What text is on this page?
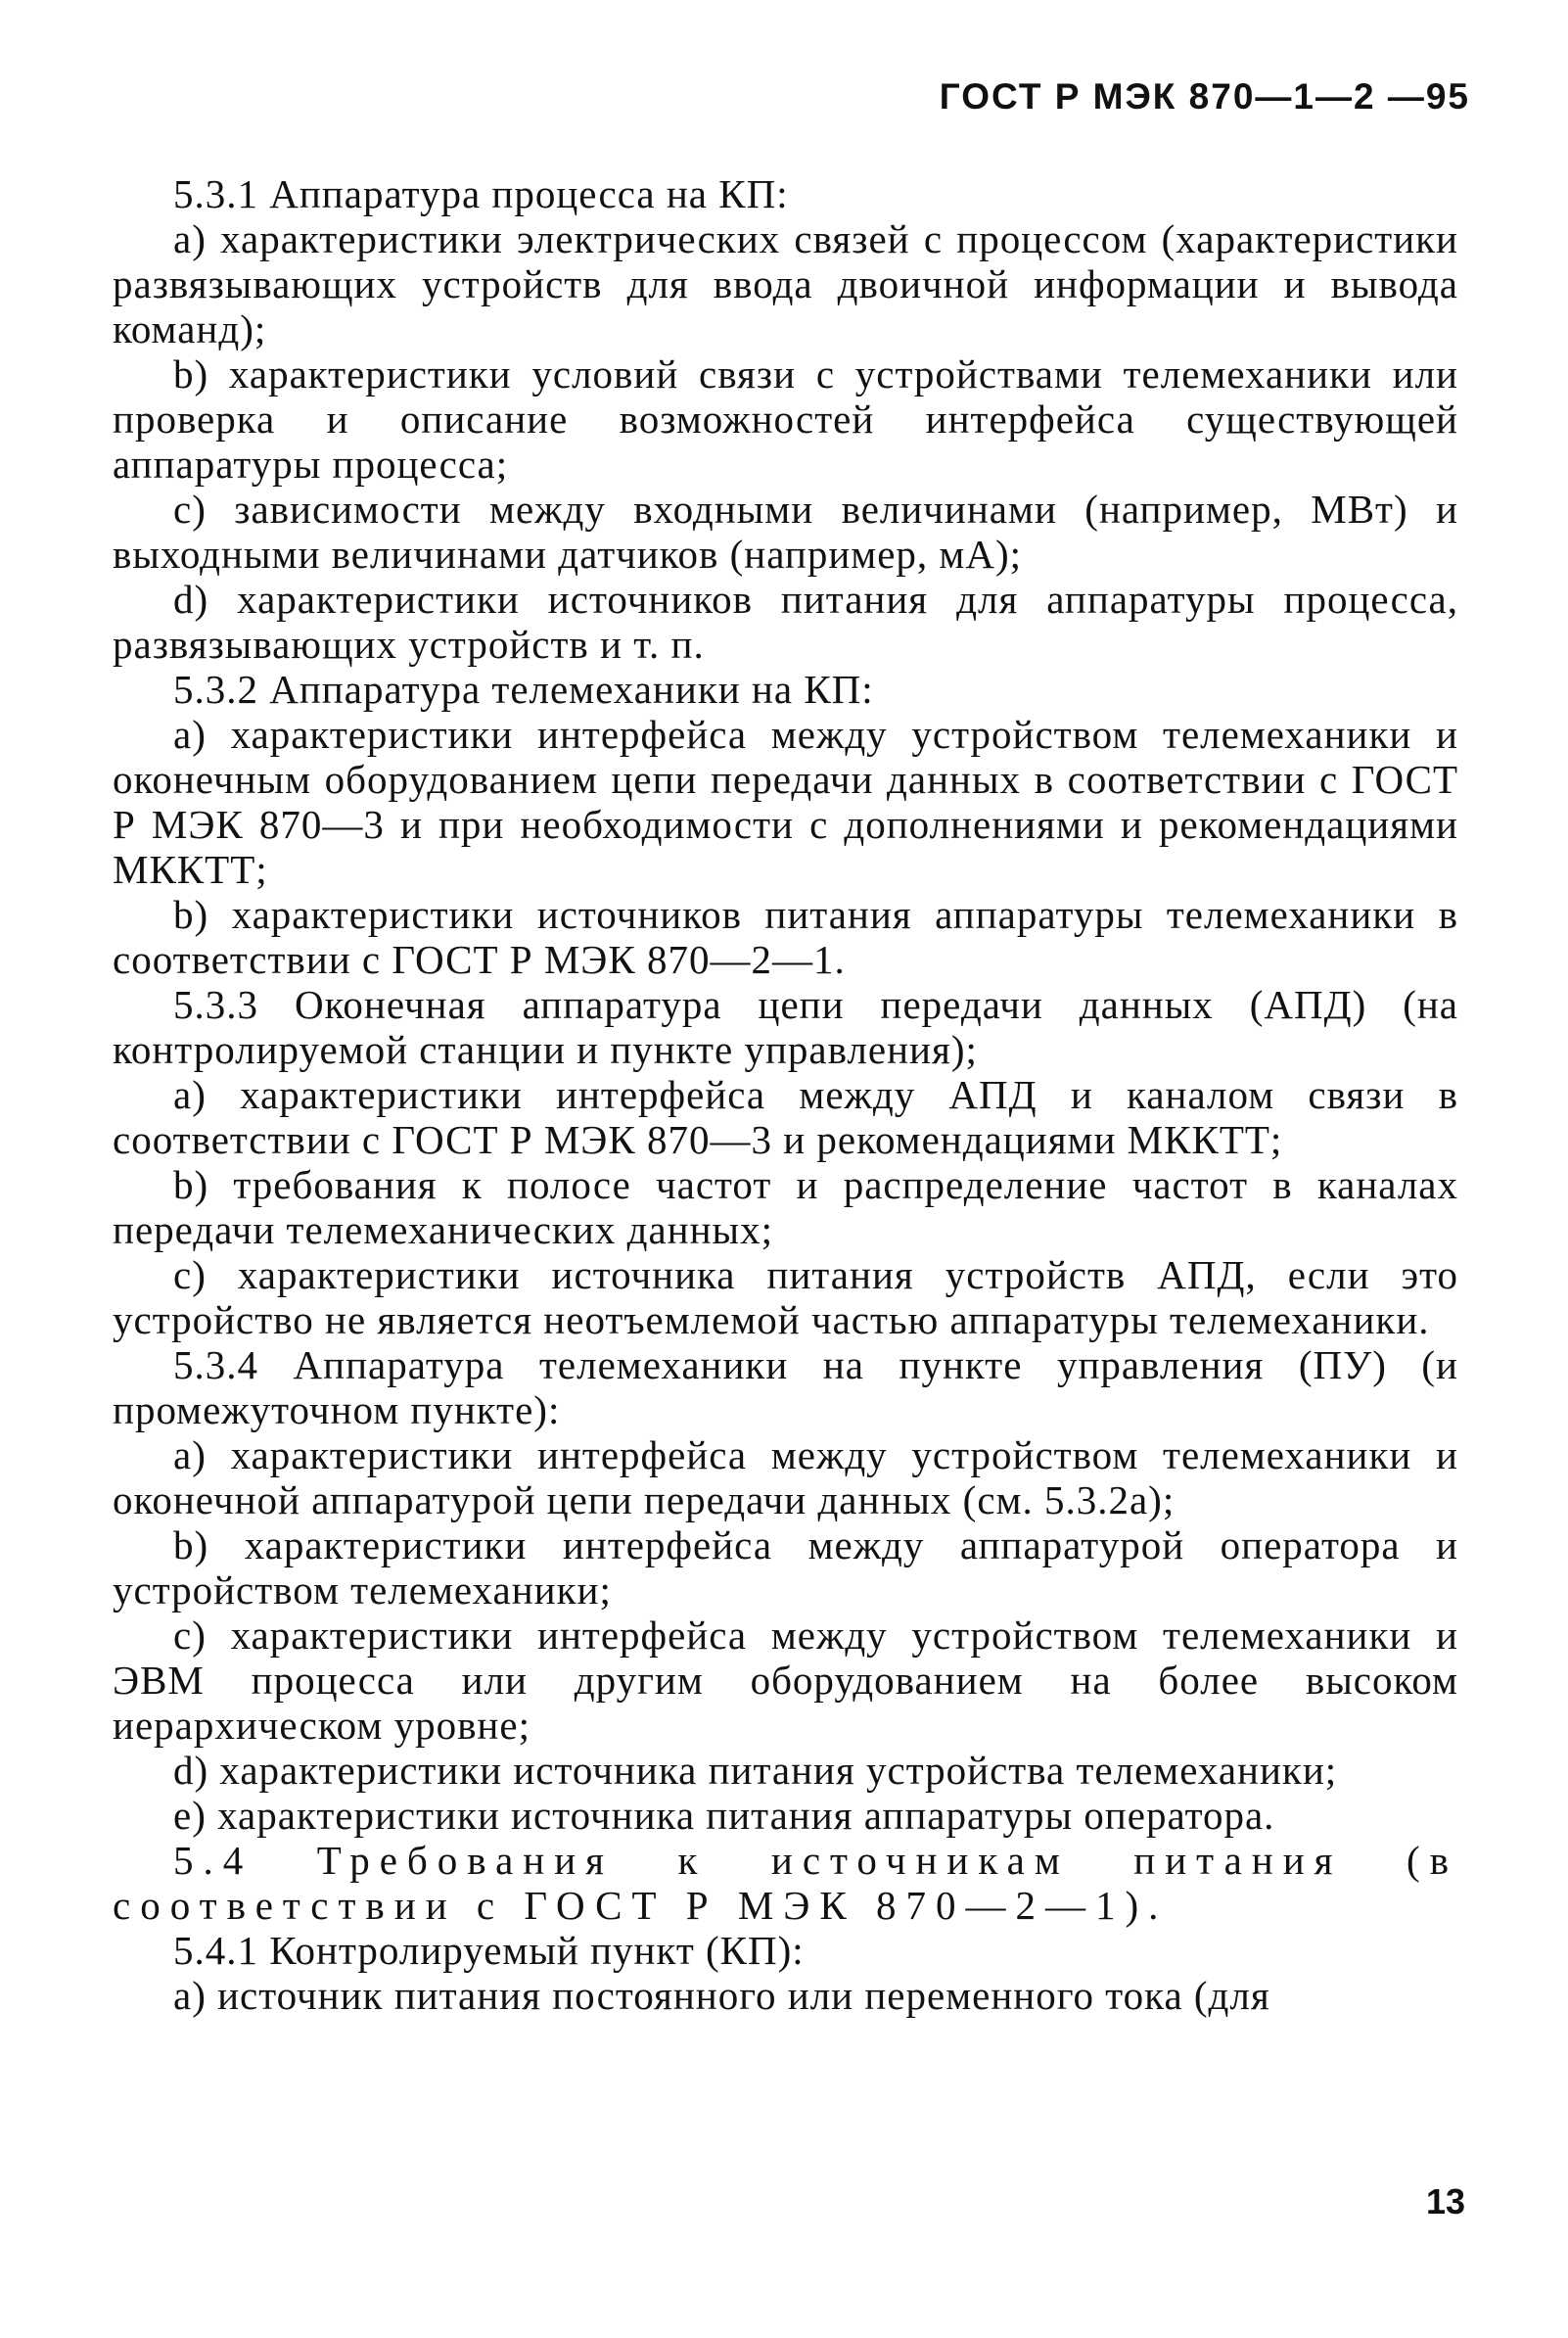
ГОСТ Р МЭК 870—1—2 —95

5.3.1 Аппаратура процесса на КП:

a) характеристики электрических связей с процессом (характеристики развязывающих устройств для ввода двоичной информации и вывода команд);

b) характеристики условий связи с устройствами телемеханики или проверка и описание возможностей интерфейса существующей аппаратуры процесса;

c) зависимости между входными величинами (например, МВт) и выходными величинами датчиков (например, мА);

d) характеристики источников питания для аппаратуры процесса, развязывающих устройств и т. п.

5.3.2 Аппаратура телемеханики на КП:

a) характеристики интерфейса между устройством телемеханики и оконечным оборудованием цепи передачи данных в соответствии с ГОСТ Р МЭК 870—3 и при необходимости с дополнениями и рекомендациями МККТТ;

b) характеристики источников питания аппаратуры телемеханики в соответствии с ГОСТ Р МЭК 870—2—1.

5.3.3 Оконечная аппаратура цепи передачи данных (АПД) (на контролируемой станции и пункте управления);

a) характеристики интерфейса между АПД и каналом связи в соответствии с ГОСТ Р МЭК 870—3 и рекомендациями МККТТ;

b) требования к полосе частот и распределение частот в каналах передачи телемеханических данных;

c) характеристики источника питания устройств АПД, если это устройство не является неотъемлемой частью аппаратуры телемеханики.

5.3.4 Аппаратура телемеханики на пункте управления (ПУ) (и промежуточном пункте):

a) характеристики интерфейса между устройством телемеханики и оконечной аппаратурой цепи передачи данных (см. 5.3.2a);

b) характеристики интерфейса между аппаратурой оператора и устройством телемеханики;

c) характеристики интерфейса между устройством телемеханики и ЭВМ процесса или другим оборудованием на более высоком иерархическом уровне;

d) характеристики источника питания устройства телемеханики;

e) характеристики источника питания аппаратуры оператора.

5.4 Требования к источникам питания (в соответствии с ГОСТ Р МЭК 870—2—1).

5.4.1 Контролируемый пункт (КП):

a) источник питания постоянного или переменного тока (для

13
